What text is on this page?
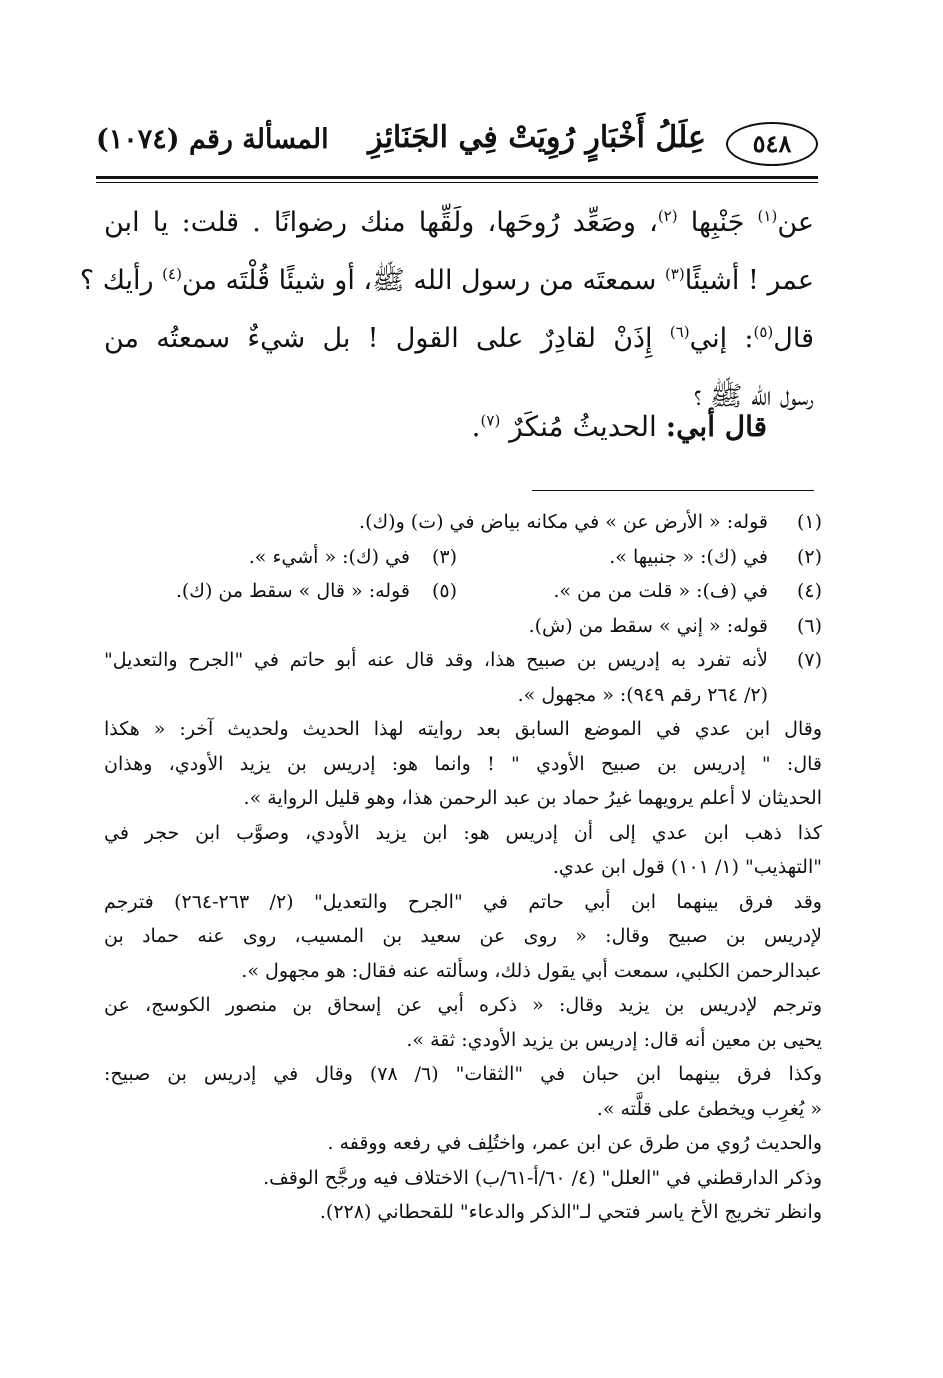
٥٤٨
عِلَلُ أَخْبَارٍ رُوِيَتْ فِي الجَنَائِزِ
المسألة رقم (١٠٧٤)
عن$^{(١)}$ جَنْبِها $^{(٢)}$، وصَعِّد رُوحَها، ولَقِّها منك رضوانًا . قلت: يا ابن
عمر ! أشيئًا$^{(٣)}$ سمعتَه من رسول الله ﷺ، أو شيئًا قُلْتَه من$^{(٤)}$ رأيك ؟
قال$^{(٥)}$: إني$^{(٦)}$ إِذَنْ لقادِرٌ على القول ! بل شيءٌ سمعتُه من
رسول الله ﷺ ؟
قال أبي: الحديثُ مُنكَرٌ $^{(٧)}$.
(١)
قوله: « الأرض عن » في مكانه بياض في (ت) و(ك).
(٢)
في (ك): « جنبيها ».
(٣)
في (ك): « أشيء ».
(٤)
في (ف): « قلت من من ».
(٥)
قوله: « قال » سقط من (ك).
(٦)
قوله: « إني » سقط من (ش).
(٧)
لأنه تفرد به إدريس بن صبيح هذا، وقد قال عنه أبو حاتم في "الجرح والتعديل"
(٢/ ٢٦٤ رقم ٩٤٩): « مجهول ».
وقال ابن عدي في الموضع السابق بعد روايته لهذا الحديث ولحديث آخر: « هكذا
قال: " إدريس بن صبيح الأودي " ! وانما هو: إدريس بن يزيد الأودي، وهذان
الحديثان لا أعلم يرويهما غيرُ حماد بن عبد الرحمن هذا، وهو قليل الرواية ».
كذا ذهب ابن عدي إلى أن إدريس هو: ابن يزيد الأودي، وصوَّب ابن حجر في
"التهذيب" (١/ ١٠١) قول ابن عدي.
وقد فرق بينهما ابن أبي حاتم في "الجرح والتعديل" (٢/ ٢٦٣-٢٦٤) فترجم
لإدريس بن صبيح وقال: « روى عن سعيد بن المسيب، روى عنه حماد بن
عبدالرحمن الكلبي، سمعت أبي يقول ذلك، وسألته عنه فقال: هو مجهول ».
وترجم لإدريس بن يزيد وقال: « ذكره أبي عن إسحاق بن منصور الكوسج، عن
يحيى بن معين أنه قال: إدريس بن يزيد الأودي: ثقة ».
وكذا فرق بينهما ابن حبان في "الثقات" (٦/ ٧٨) وقال في إدريس بن صبيح:
« يُغرِب ويخطئ على قلَّته ».
والحديث رُوي من طرق عن ابن عمر، واختُلِف في رفعه ووقفه .
وذكر الدارقطني في "العلل" (٤/ ٦٠/أ-٦١/ب) الاختلاف فيه ورجَّح الوقف.
وانظر تخريج الأخ ياسر فتحي لـ"الذكر والدعاء" للقحطاني (٢٢٨).
